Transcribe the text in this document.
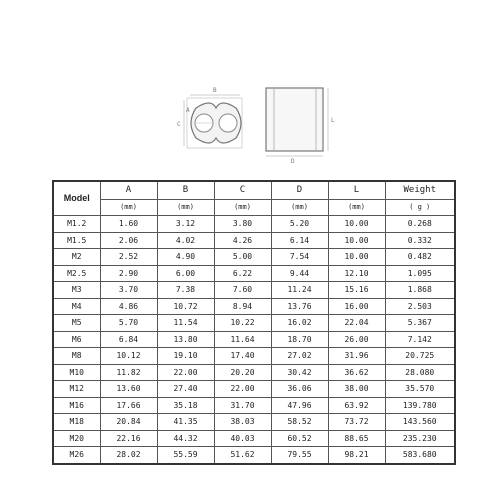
B
A
C
L
D
Model	A	B	C	D	L	Weight
	(mm)	(mm)	(mm)	(mm)	(mm)	( g )
M1.2	1.60	3.12	3.80	5.20	10.00	0.268
M1.5	2.06	4.02	4.26	6.14	10.00	0.332
M2	2.52	4.90	5.00	7.54	10.00	0.482
M2.5	2.90	6.00	6.22	9.44	12.10	1.095
M3	3.70	7.38	7.60	11.24	15.16	1.868
M4	4.86	10.72	8.94	13.76	16.00	2.503
M5	5.70	11.54	10.22	16.02	22.04	5.367
M6	6.84	13.80	11.64	18.70	26.00	7.142
M8	10.12	19.10	17.40	27.02	31.96	20.725
M10	11.82	22.00	20.20	30.42	36.62	28.080
M12	13.60	27.40	22.00	36.06	38.00	35.570
M16	17.66	35.18	31.70	47.96	63.92	139.780
M18	20.84	41.35	38.03	58.52	73.72	143.560
M20	22.16	44.32	40.03	60.52	88.65	235.230
M26	28.02	55.59	51.62	79.55	98.21	583.680
